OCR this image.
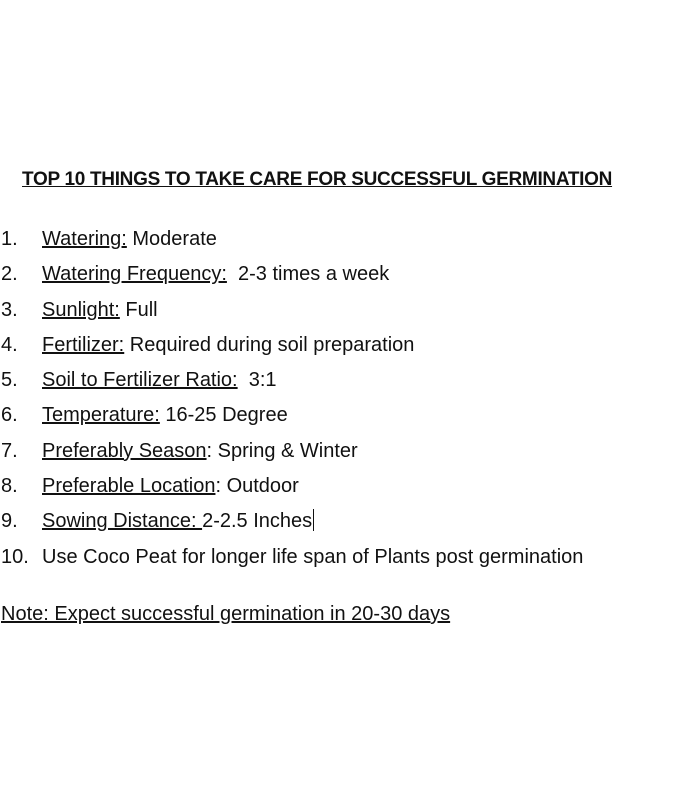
TOP 10 THINGS TO TAKE CARE FOR SUCCESSFUL GERMINATION
1. Watering: Moderate
2. Watering Frequency:  2-3 times a week
3. Sunlight: Full
4. Fertilizer: Required during soil preparation
5. Soil to Fertilizer Ratio:  3:1
6. Temperature: 16-25 Degree
7. Preferably Season: Spring & Winter
8. Preferable Location: Outdoor
9. Sowing Distance: 2-2.5 Inches
10. Use Coco Peat for longer life span of Plants post germination
Note: Expect successful germination in 20-30 days
